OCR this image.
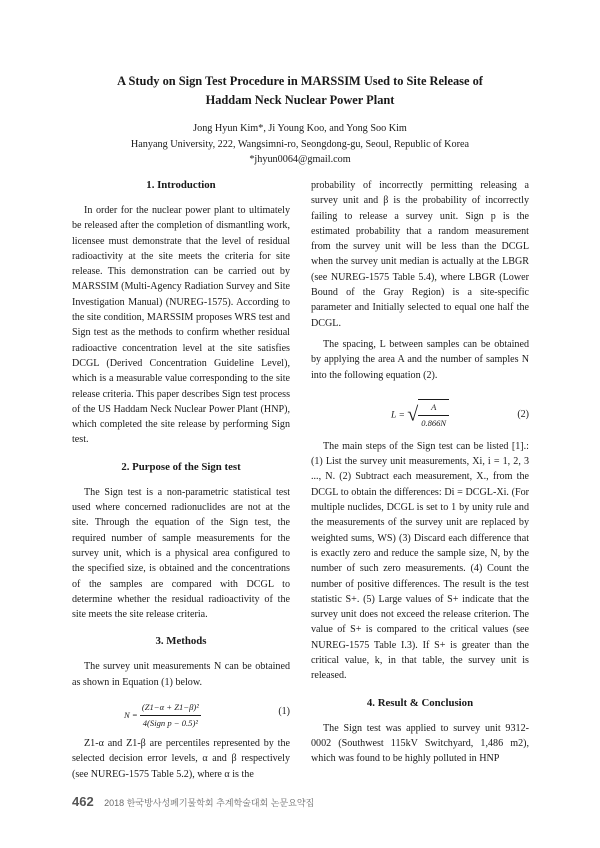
A Study on Sign Test Procedure in MARSSIM Used to Site Release of
Haddam Neck Nuclear Power Plant
Jong Hyun Kim*, Ji Young Koo, and Yong Soo Kim
Hanyang University, 222, Wangsimni-ro, Seongdong-gu, Seoul, Republic of Korea
*jhyun0064@gmail.com
1. Introduction

In order for the nuclear power plant to ultimately be released after the completion of dismantling work, licensee must demonstrate that the level of residual radioactivity at the site meets the criteria for site release. This demonstration can be carried out by MARSSIM (Multi-Agency Radiation Survey and Site Investigation Manual) (NUREG-1575). According to the site condition, MARSSIM proposes WRS test and Sign test as the methods to confirm whether residual radioactive concentration level at the site satisfies DCGL (Derived Concentration Guideline Level), which is a measurable value corresponding to the site release criteria. This paper describes Sign test process of the US Haddam Neck Nuclear Power Plant (HNP), which completed the site release by performing Sign test.

2. Purpose of the Sign test

The Sign test is a non-parametric statistical test used where concerned radionuclides are not at the site. Through the equation of the Sign test, the required number of sample measurements for the survey unit, which is a physical area configured to the specified size, is obtained and the concentrations of the samples are compared with DCGL to determine whether the residual radioactivity of the site meets the site release criteria.

3. Methods

The survey unit measurements N can be obtained as shown in Equation (1) below.

$N = \frac{\text{(Z1−α + Z1−β)²}}{\text{4(Sign p − 0.5)²}}$	(1)

Z1-α and Z1-β are percentiles represented by the selected decision error levels, α and β respectively (see NUREG-1575 Table 5.2), where α is the

probability of incorrectly permitting releasing a survey unit and β is the probability of incorrectly failing to release a survey unit. Sign p is the estimated probability that a random measurement from the survey unit will be less than the DCGL when the survey unit median is actually at the LBGR (see NUREG-1575 Table 5.4), where LBGR (Lower Bound of the Gray Region) is a site-specific parameter and Initially selected to equal one half the DCGL.

The spacing, L between samples can be obtained by applying the area A and the number of samples N into the following equation (2).

L = √ $\frac{A}{0.866N}$	(2)

The main steps of the Sign test can be listed [1].: (1) List the survey unit measurements, Xi, i = 1, 2, 3 ..., N. (2) Subtract each measurement, X., from the DCGL to obtain the differences: Di = DCGL-Xi. (For multiple nuclides, DCGL is set to 1 by unity rule and the measurements of the survey unit are replaced by weighted sums, WS) (3) Discard each difference that is exactly zero and reduce the sample size, N, by the number of such zero measurements. (4) Count the number of positive differences. The result is the test statistic S+. (5) Large values of S+ indicate that the survey unit does not exceed the release criterion. The value of S+ is compared to the critical values (see NUREG-1575 Table I.3). If S+ is greater than the critical value, k, in that table, the survey unit is released.

4. Result & Conclusion

The Sign test was applied to survey unit 9312-0002 (Southwest 115kV Switchyard, 1,486 m2), which was found to be highly polluted in HNP

462 2018 한국방사성폐기물학회 추계학술대회 논문요약집
